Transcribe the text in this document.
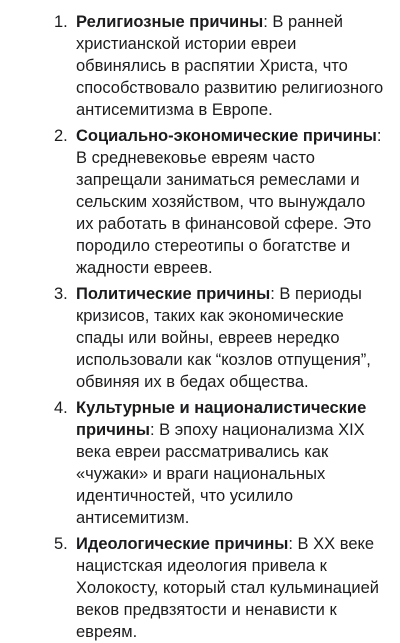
1. Религиозные причины: В ранней христианской истории евреи обвинялись в распятии Христа, что способствовало развитию религиозного антисемитизма в Европе.
2. Социально-экономические причины: В средневековье евреям часто запрещали заниматься ремеслами и сельским хозяйством, что вынуждало их работать в финансовой сфере. Это породило стереотипы о богатстве и жадности евреев.
3. Политические причины: В периоды кризисов, таких как экономические спады или войны, евреев нередко использовали как “козлов отпущения”, обвиняя их в бедах общества.
4. Культурные и националистические причины: В эпоху национализма XIX века евреи рассматривались как «чужаки» и враги национальных идентичностей, что усилило антисемитизм.
5. Идеологические причины: В XX веке нацистская идеология привела к Холокосту, который стал кульминацией веков предвзятости и ненависти к евреям.
